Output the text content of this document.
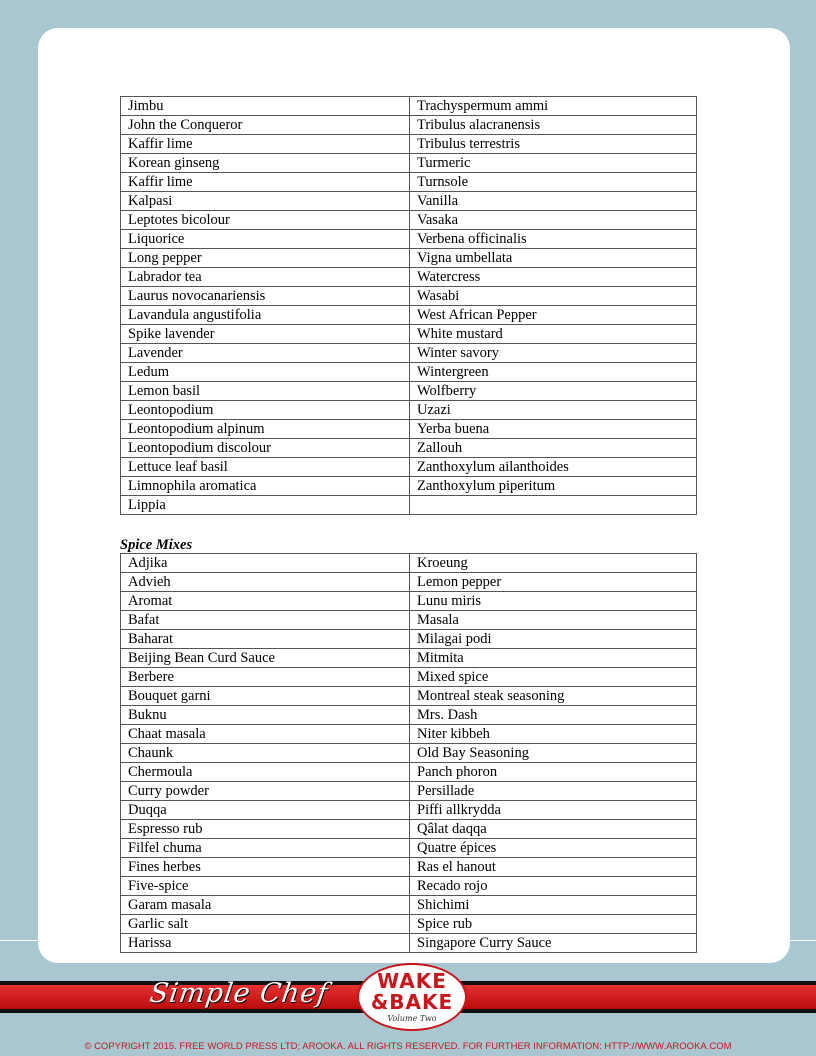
Jimbu	Trachyspermum ammi
John the Conqueror	Tribulus alacranensis
Kaffir lime	Tribulus terrestris
Korean ginseng	Turmeric
Kaffir lime	Turnsole
Kalpasi	Vanilla
Leptotes bicolour	Vasaka
Liquorice	Verbena officinalis
Long pepper	Vigna umbellata
Labrador tea	Watercress
Laurus novocanariensis	Wasabi
Lavandula angustifolia	West African Pepper
Spike lavender	White mustard
Lavender	Winter savory
Ledum	Wintergreen
Lemon basil	Wolfberry
Leontopodium	Uzazi
Leontopodium alpinum	Yerba buena
Leontopodium discolour	Zallouh
Lettuce leaf basil	Zanthoxylum ailanthoides
Limnophila aromatica	Zanthoxylum piperitum
Lippia	
Spice Mixes
Adjika	Kroeung
Advieh	Lemon pepper
Aromat	Lunu miris
Bafat	Masala
Baharat	Milagai podi
Beijing Bean Curd Sauce	Mitmita
Berbere	Mixed spice
Bouquet garni	Montreal steak seasoning
Buknu	Mrs. Dash
Chaat masala	Niter kibbeh
Chaunk	Old Bay Seasoning
Chermoula	Panch phoron
Curry powder	Persillade
Duqqa	Piffi allkrydda
Espresso rub	Qâlat daqqa
Filfel chuma	Quatre épices
Fines herbes	Ras el hanout
Five-spice	Recado rojo
Garam masala	Shichimi
Garlic salt	Spice rub
Harissa	Singapore Curry Sauce
Simple Chef	WAKE
&BAKE
Volume Two
© COPYRIGHT 2015. FREE WORLD PRESS LTD; AROOKA. ALL RIGHTS RESERVED. FOR FURTHER INFORMATION: HTTP://WWW.AROOKA.COM
